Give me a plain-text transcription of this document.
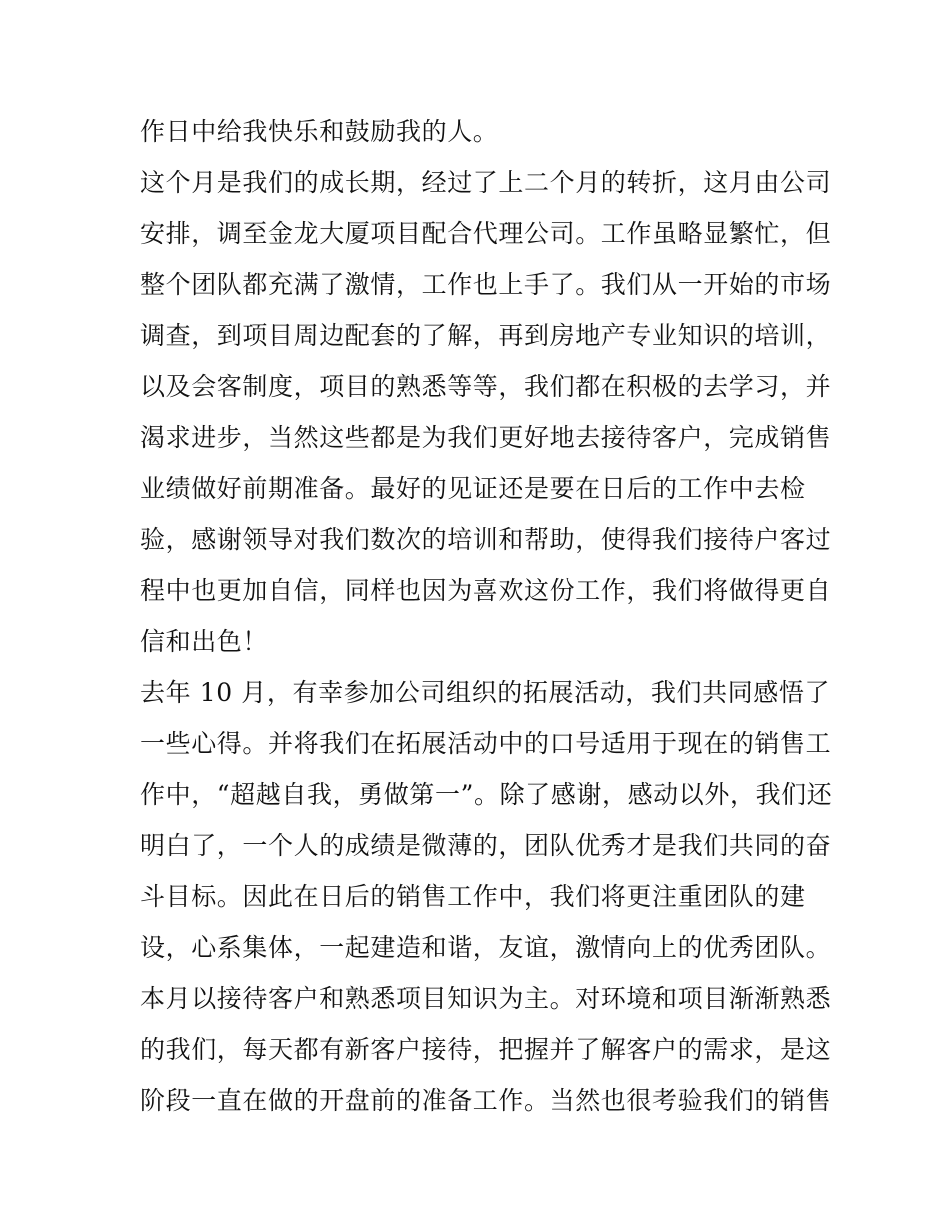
作日中给我快乐和鼓励我的人。
这个月是我们的成长期，经过了上二个月的转折，这月由公司
安排，调至金龙大厦项目配合代理公司。工作虽略显繁忙，但
整个团队都充满了激情，工作也上手了。我们从一开始的市场
调查，到项目周边配套的了解，再到房地产专业知识的培训，
以及会客制度，项目的熟悉等等，我们都在积极的去学习，并
渴求进步，当然这些都是为我们更好地去接待客户，完成销售
业绩做好前期准备。最好的见证还是要在日后的工作中去检
验，感谢领导对我们数次的培训和帮助，使得我们接待户客过
程中也更加自信，同样也因为喜欢这份工作，我们将做得更自
信和出色！
去年 10 月，有幸参加公司组织的拓展活动，我们共同感悟了
一些心得。并将我们在拓展活动中的口号适用于现在的销售工
作中，“超越自我，勇做第一”。除了感谢，感动以外，我们还
明白了，一个人的成绩是微薄的，团队优秀才是我们共同的奋
斗目标。因此在日后的销售工作中，我们将更注重团队的建
设，心系集体，一起建造和谐，友谊，激情向上的优秀团队。
本月以接待客户和熟悉项目知识为主。对环境和项目渐渐熟悉
的我们，每天都有新客户接待，把握并了解客户的需求，是这
阶段一直在做的开盘前的准备工作。当然也很考验我们的销售
